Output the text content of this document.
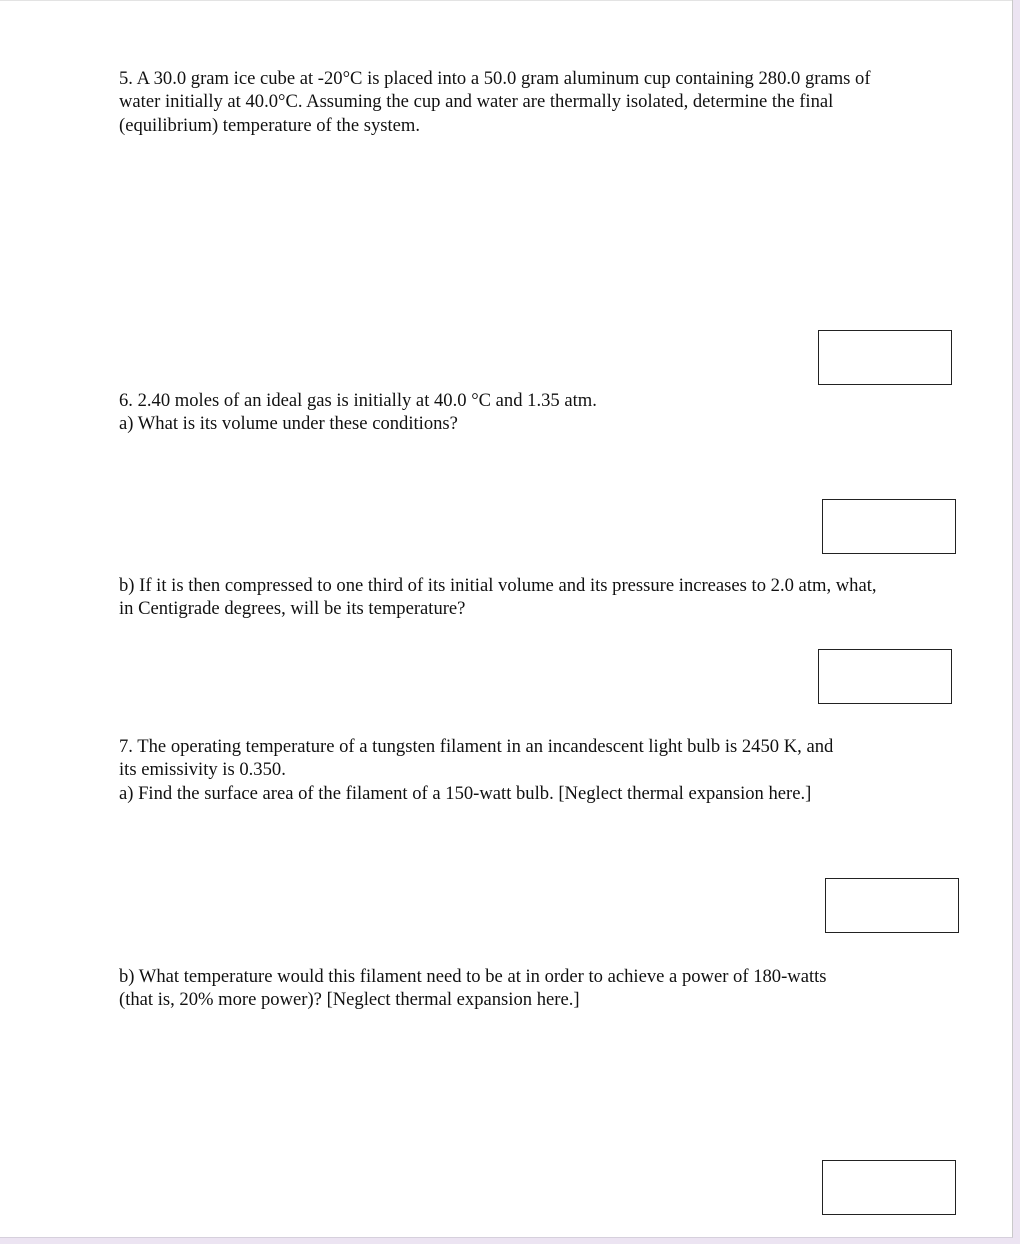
5. A 30.0 gram ice cube at -20°C is placed into a 50.0 gram aluminum cup containing 280.0 grams of

water initially at 40.0°C. Assuming the cup and water are thermally isolated, determine the final

(equilibrium) temperature of the system.

6. 2.40 moles of an ideal gas is initially at 40.0 °C and 1.35 atm.

a) What is its volume under these conditions?

b) If it is then compressed to one third of its initial volume and its pressure increases to 2.0 atm, what,

in Centigrade degrees, will be its temperature?

7. The operating temperature of a tungsten filament in an incandescent light bulb is 2450 K, and

its emissivity is 0.350.

a) Find the surface area of the filament of a 150-watt bulb. [Neglect thermal expansion here.]

b) What temperature would this filament need to be at in order to achieve a power of 180-watts

(that is, 20% more power)? [Neglect thermal expansion here.]
